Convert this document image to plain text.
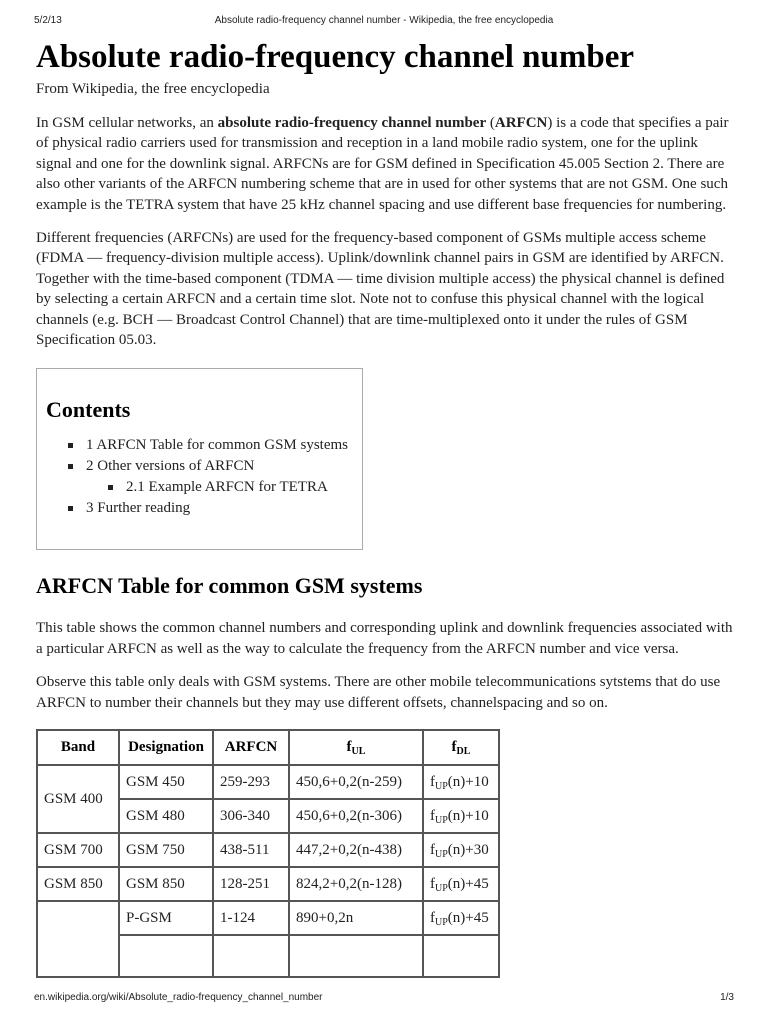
5/2/13	Absolute radio-frequency channel number - Wikipedia, the free encyclopedia
Absolute radio-frequency channel number
From Wikipedia, the free encyclopedia

In GSM cellular networks, an absolute radio-frequency channel number (ARFCN) is a code that specifies a pair of physical radio carriers used for transmission and reception in a land mobile radio system, one for the uplink signal and one for the downlink signal. ARFCNs are for GSM defined in Specification 45.005 Section 2. There are also other variants of the ARFCN numbering scheme that are in used for other systems that are not GSM. One such example is the TETRA system that have 25 kHz channel spacing and use different base frequencies for numbering.

Different frequencies (ARFCNs) are used for the frequency-based component of GSMs multiple access scheme (FDMA — frequency-division multiple access). Uplink/downlink channel pairs in GSM are identified by ARFCN. Together with the time-based component (TDMA — time division multiple access) the physical channel is defined by selecting a certain ARFCN and a certain time slot. Note not to confuse this physical channel with the logical channels (e.g. BCH — Broadcast Control Channel) that are time-multiplexed onto it under the rules of GSM Specification 05.03.

Contents
1 ARFCN Table for common GSM systems
2 Other versions of ARFCN
2.1 Example ARFCN for TETRA
3 Further reading
ARFCN Table for common GSM systems

This table shows the common channel numbers and corresponding uplink and downlink frequencies associated with a particular ARFCN as well as the way to calculate the frequency from the ARFCN number and vice versa.

Observe this table only deals with GSM systems. There are other mobile telecommunications sytstems that do use ARFCN to number their channels but they may use different offsets, channelspacing and so on.

Band	Designation	ARFCN	$f_{UL}$	$f_{DL}$
GSM 400	GSM 450	259-293	450,6+0,2(n-259)	$f_{UP}(n)+10$
	GSM 480	306-340	450,6+0,2(n-306)	$f_{UP}(n)+10$
GSM 700	GSM 750	438-511	447,2+0,2(n-438)	$f_{UP}(n)+30$
GSM 850	GSM 850	128-251	824,2+0,2(n-128)	$f_{UP}(n)+45$
	P-GSM	1-124	890+0,2n	$f_{UP}(n)+45$

en.wikipedia.org/wiki/Absolute_radio-frequency_channel_number	1/3
